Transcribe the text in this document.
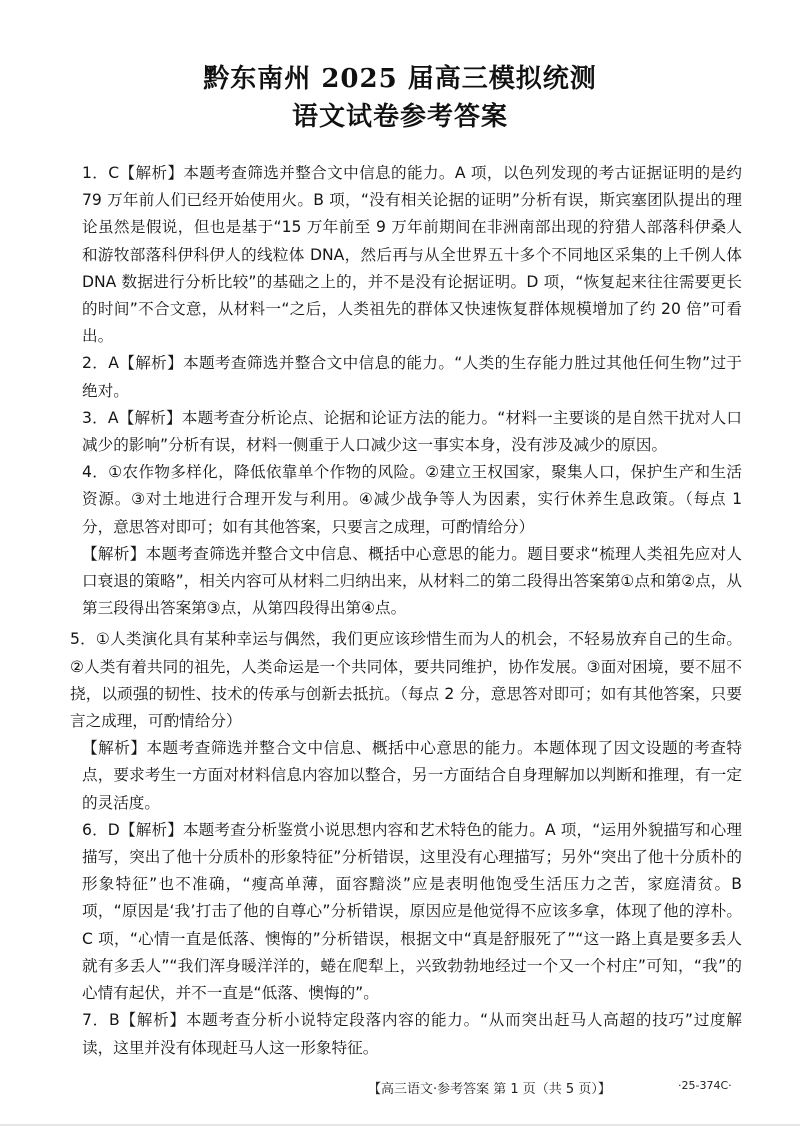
黔东南州 2025 届高三模拟统测
语文试卷参考答案

1．C【解析】本题考查筛选并整合文中信息的能力。A 项，以色列发现的考古证据证明的是约 79 万年前人们已经开始使用火。B 项，“没有相关论据的证明”分析有误，斯宾塞团队提出的理论虽然是假说，但也是基于“15 万年前至 9 万年前期间在非洲南部出现的狩猎人部落科伊桑人和游牧部落科伊科伊人的线粒体 DNA，然后再与从全世界五十多个不同地区采集的上千例人体 DNA 数据进行分析比较”的基础之上的，并不是没有论据证明。D 项，“恢复起来往往需要更长的时间”不合文意，从材料一“之后，人类祖先的群体又快速恢复群体规模增加了约 20 倍”可看出。

2．A【解析】本题考查筛选并整合文中信息的能力。“人类的生存能力胜过其他任何生物”过于绝对。

3．A【解析】本题考查分析论点、论据和论证方法的能力。“材料一主要谈的是自然干扰对人口减少的影响”分析有误，材料一侧重于人口减少这一事实本身，没有涉及减少的原因。

4．①农作物多样化，降低依靠单个作物的风险。②建立王权国家，聚集人口，保护生产和生活资源。③对土地进行合理开发与利用。④减少战争等人为因素，实行休养生息政策。（每点 1 分，意思答对即可；如有其他答案，只要言之成理，可酌情给分）

【解析】本题考查筛选并整合文中信息、概括中心意思的能力。题目要求“梳理人类祖先应对人口衰退的策略”，相关内容可从材料二归纳出来，从材料二的第二段得出答案第①点和第②点，从第三段得出答案第③点，从第四段得出第④点。

5．①人类演化具有某种幸运与偶然，我们更应该珍惜生而为人的机会，不轻易放弃自己的生命。②人类有着共同的祖先，人类命运是一个共同体，要共同维护，协作发展。③面对困境，要不屈不挠，以顽强的韧性、技术的传承与创新去抵抗。（每点 2 分，意思答对即可；如有其他答案，只要言之成理，可酌情给分）

【解析】本题考查筛选并整合文中信息、概括中心意思的能力。本题体现了因文设题的考查特点，要求考生一方面对材料信息内容加以整合，另一方面结合自身理解加以判断和推理，有一定的灵活度。

6．D【解析】本题考查分析鉴赏小说思想内容和艺术特色的能力。A 项，“运用外貌描写和心理描写，突出了他十分质朴的形象特征”分析错误，这里没有心理描写；另外“突出了他十分质朴的形象特征”也不准确，“瘦高单薄，面容黯淡”应是表明他饱受生活压力之苦，家庭清贫。B 项，“原因是‘我’打击了他的自尊心”分析错误，原因应是他觉得不应该多拿，体现了他的淳朴。C 项，“心情一直是低落、懊悔的”分析错误，根据文中“真是舒服死了”“这一路上真是要多丢人就有多丢人”“我们浑身暖洋洋的，蜷在爬犁上，兴致勃勃地经过一个又一个村庄”可知，“我”的心情有起伏，并不一直是“低落、懊悔的”。

7．B【解析】本题考查分析小说特定段落内容的能力。“从而突出赶马人高超的技巧”过度解读，这里并没有体现赶马人这一形象特征。

【高三语文·参考答案 第 1 页（共 5 页）】	·25-374C·
